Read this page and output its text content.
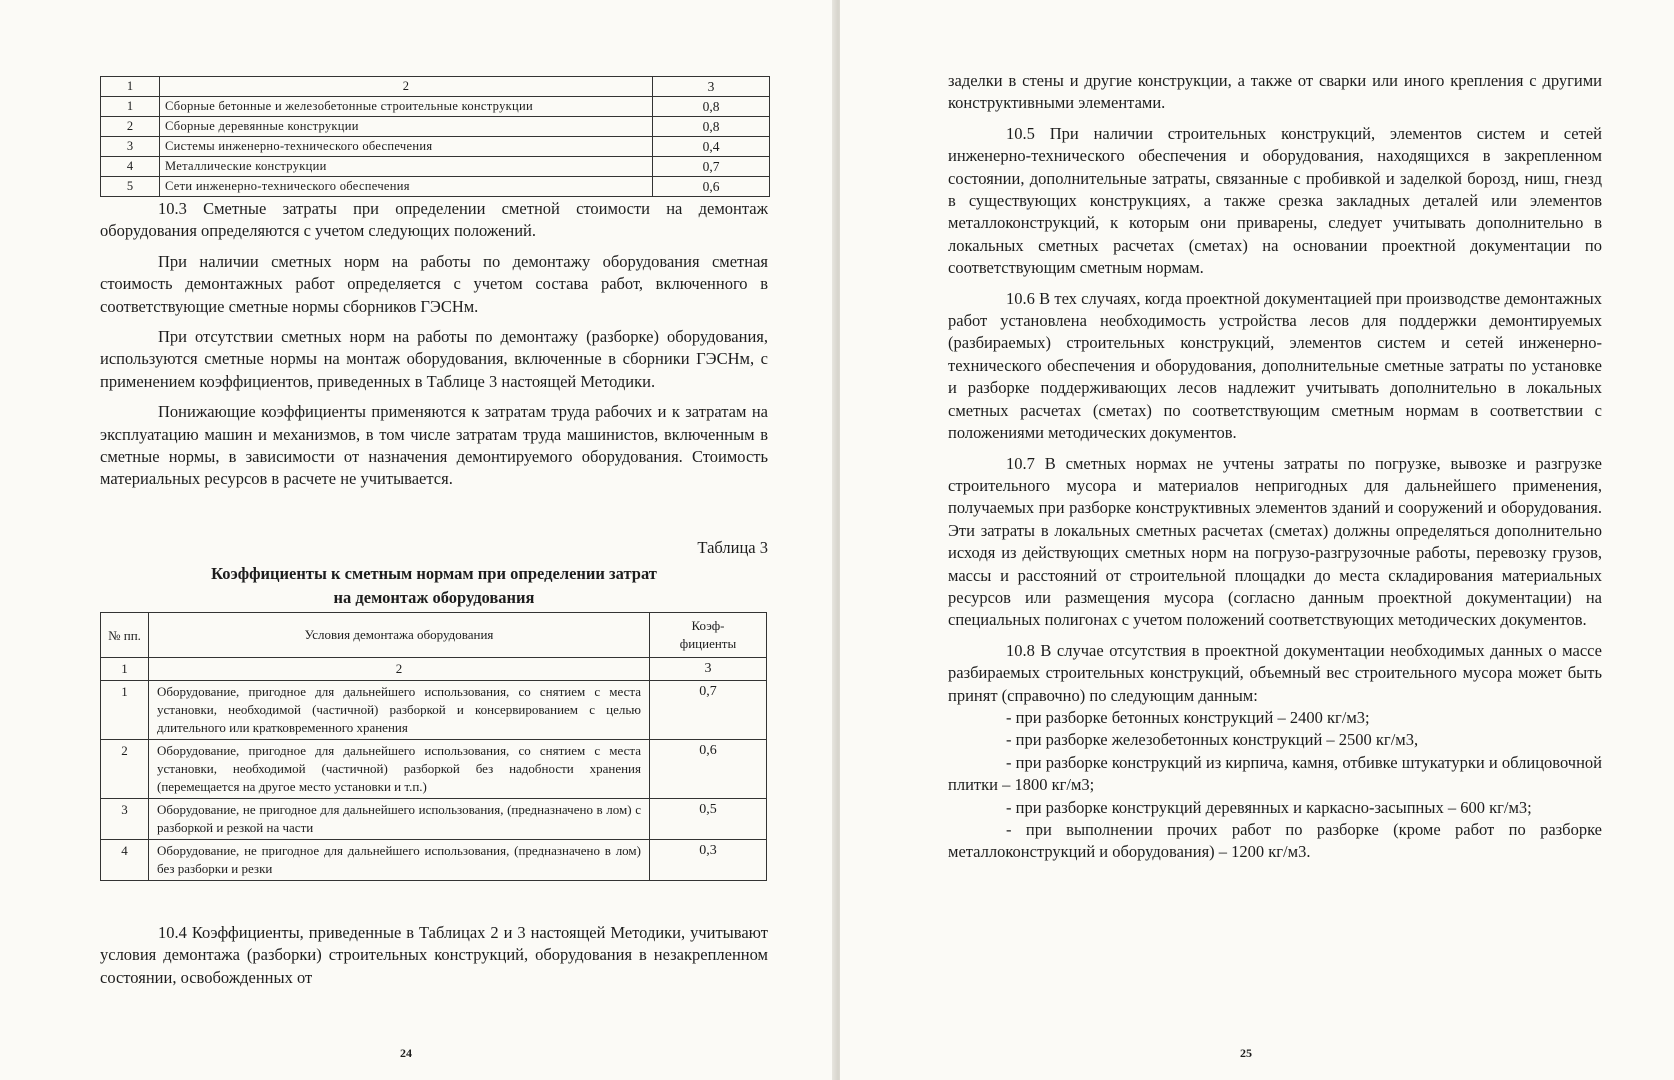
1	2	3
1	Сборные бетонные и железобетонные строительные конструкции	0,8
2	Сборные деревянные конструкции	0,8
3	Системы инженерно-технического обеспечения	0,4
4	Металлические конструкции	0,7
5	Сети инженерно-технического обеспечения	0,6

10.3 Сметные затраты при определении сметной стоимости на демонтаж оборудования определяются с учетом следующих положений.

При наличии сметных норм на работы по демонтажу оборудования сметная стоимость демонтажных работ определяется с учетом состава работ, включенного в соответствующие сметные нормы сборников ГЭСНм.

При отсутствии сметных норм на работы по демонтажу (разборке) оборудования, используются сметные нормы на монтаж оборудования, включенные в сборники ГЭСНм, с применением коэффициентов, приведенных в Таблице 3 настоящей Методики.

Понижающие коэффициенты применяются к затратам труда рабочих и к затратам на эксплуатацию машин и механизмов, в том числе затратам труда машинистов, включенным в сметные нормы, в зависимости от назначения демонтируемого оборудования. Стоимость материальных ресурсов в расчете не учитывается.

Таблица 3
Коэффициенты к сметным нормам при определении затрат
на демонтаж оборудования
№ пп.	Условия демонтажа оборудования	Коэф-
фициенты

1	2	3
1	Оборудование, пригодное для дальнейшего использования, со снятием с места установки, необходимой (частичной) разборкой и консервированием с целью длительного или кратковременного хранения	0,7
2	Оборудование, пригодное для дальнейшего использования, со снятием с места установки, необходимой (частичной) разборкой без надобности хранения (перемещается на другое место установки и т.п.)	0,6
3	Оборудование, не пригодное для дальнейшего использования, (предназначено в лом) с разборкой и резкой на части	0,5
4	Оборудование, не пригодное для дальнейшего использования, (предназначено в лом) без разборки и резки	0,3

10.4 Коэффициенты, приведенные в Таблицах 2 и 3 настоящей Методики, учитывают условия демонтажа (разборки) строительных конструкций, оборудования в незакрепленном состоянии, освобожденных от

24	25

заделки в стены и другие конструкции, а также от сварки или иного крепления с другими конструктивными элементами.

10.5 При наличии строительных конструкций, элементов систем и сетей инженерно-технического обеспечения и оборудования, находящихся в закрепленном состоянии, дополнительные затраты, связанные с пробивкой и заделкой борозд, ниш, гнезд в существующих конструкциях, а также срезка закладных деталей или элементов металлоконструкций, к которым они приварены, следует учитывать дополнительно в локальных сметных расчетах (сметах) на основании проектной документации по соответствующим сметным нормам.

10.6 В тех случаях, когда проектной документацией при производстве демонтажных работ установлена необходимость устройства лесов для поддержки демонтируемых (разбираемых) строительных конструкций, элементов систем и сетей инженерно-технического обеспечения и оборудования, дополнительные сметные затраты по установке и разборке поддерживающих лесов надлежит учитывать дополнительно в локальных сметных расчетах (сметах) по соответствующим сметным нормам в соответствии с положениями методических документов.

10.7 В сметных нормах не учтены затраты по погрузке, вывозке и разгрузке строительного мусора и материалов непригодных для дальнейшего применения, получаемых при разборке конструктивных элементов зданий и сооружений и оборудования. Эти затраты в локальных сметных расчетах (сметах) должны определяться дополнительно исходя из действующих сметных норм на погрузо-разгрузочные работы, перевозку грузов, массы и расстояний от строительной площадки до места складирования материальных ресурсов или размещения мусора (согласно данным проектной документации) на специальных полигонах с учетом положений соответствующих методических документов.

10.8 В случае отсутствия в проектной документации необходимых данных о массе разбираемых строительных конструкций, объемный вес строительного мусора может быть принят (справочно) по следующим данным:

- при разборке бетонных конструкций – 2400 кг/м3;

- при разборке железобетонных конструкций – 2500 кг/м3,

- при разборке конструкций из кирпича, камня, отбивке штукатурки и облицовочной плитки – 1800 кг/м3;

- при разборке конструкций деревянных и каркасно-засыпных – 600 кг/м3;

- при выполнении прочих работ по разборке (кроме работ по разборке металлоконструкций и оборудования) – 1200 кг/м3.
